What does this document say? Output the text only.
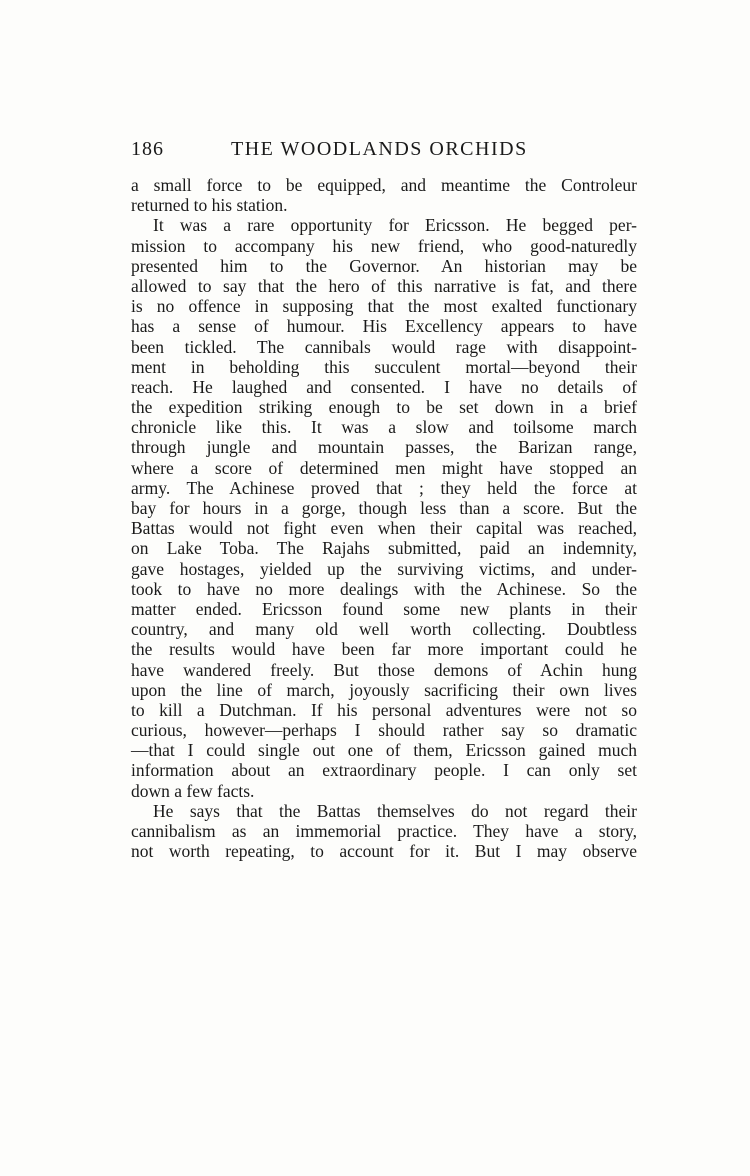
186	THE WOODLANDS ORCHIDS
a small force to be equipped, and meantime the Controleur
returned to his station.
It was a rare opportunity for Ericsson. He begged per-
mission to accompany his new friend, who good-naturedly
presented him to the Governor. An historian may be
allowed to say that the hero of this narrative is fat, and there
is no offence in supposing that the most exalted functionary
has a sense of humour. His Excellency appears to have
been tickled. The cannibals would rage with disappoint-
ment in beholding this succulent mortal—beyond their
reach. He laughed and consented. I have no details of
the expedition striking enough to be set down in a brief
chronicle like this. It was a slow and toilsome march
through jungle and mountain passes, the Barizan range,
where a score of determined men might have stopped an
army. The Achinese proved that ; they held the force at
bay for hours in a gorge, though less than a score. But the
Battas would not fight even when their capital was reached,
on Lake Toba. The Rajahs submitted, paid an indemnity,
gave hostages, yielded up the surviving victims, and under-
took to have no more dealings with the Achinese. So the
matter ended. Ericsson found some new plants in their
country, and many old well worth collecting. Doubtless
the results would have been far more important could he
have wandered freely. But those demons of Achin hung
upon the line of march, joyously sacrificing their own lives
to kill a Dutchman. If his personal adventures were not so
curious, however—perhaps I should rather say so dramatic
—that I could single out one of them, Ericsson gained much
information about an extraordinary people. I can only set
down a few facts.
He says that the Battas themselves do not regard their
cannibalism as an immemorial practice. They have a story,
not worth repeating, to account for it. But I may observe
